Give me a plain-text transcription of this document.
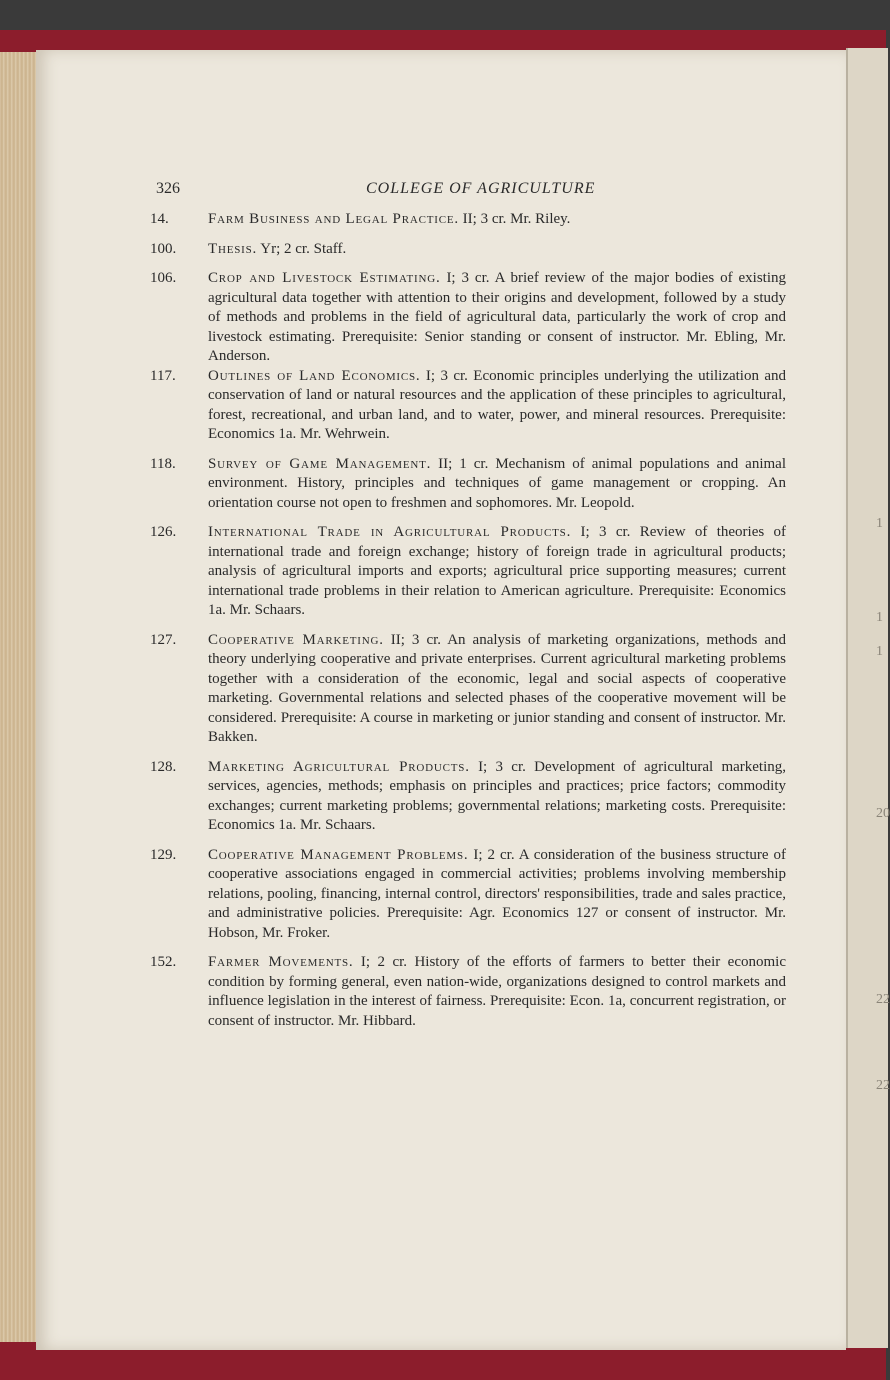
1
1
1
20
22
22
326	COLLEGE OF AGRICULTURE
14.	Farm Business and Legal Practice. II; 3 cr. Mr. Riley.
100. Thesis. Yr; 2 cr. Staff.
106. Crop and Livestock Estimating. I; 3 cr. A brief review of the major bodies of existing agricultural data together with attention to their origins and development, followed by a study of methods and problems in the field of agricultural data, particularly the work of crop and livestock estimating. Prerequisite: Senior standing or consent of instructor. Mr. Ebling, Mr. Anderson.
117. Outlines of Land Economics. I; 3 cr. Economic principles underlying the utilization and conservation of land or natural resources and the application of these principles to agricultural, forest, recreational, and urban land, and to water, power, and mineral resources. Prerequisite: Economics 1a. Mr. Wehrwein.
118. Survey of Game Management. II; 1 cr. Mechanism of animal populations and animal environment. History, principles and techniques of game management or cropping. An orientation course not open to freshmen and sophomores. Mr. Leopold.
126. International Trade in Agricultural Products. I; 3 cr. Review of theories of international trade and foreign exchange; history of foreign trade in agricultural products; analysis of agricultural imports and exports; agricultural price supporting measures; current international trade problems in their relation to American agriculture. Prerequisite: Economics 1a. Mr. Schaars.
127. Cooperative Marketing. II; 3 cr. An analysis of marketing organizations, methods and theory underlying cooperative and private enterprises. Current agricultural marketing problems together with a consideration of the economic, legal and social aspects of cooperative marketing. Governmental relations and selected phases of the cooperative movement will be considered. Prerequisite: A course in marketing or junior standing and consent of instructor. Mr. Bakken.
128. Marketing Agricultural Products. I; 3 cr. Development of agricultural marketing, services, agencies, methods; emphasis on principles and practices; price factors; commodity exchanges; current marketing problems; governmental relations; marketing costs. Prerequisite: Economics 1a. Mr. Schaars.
129. Cooperative Management Problems. I; 2 cr. A consideration of the business structure of cooperative associations engaged in commercial activities; problems involving membership relations, pooling, financing, internal control, directors' responsibilities, trade and sales practice, and administrative policies. Prerequisite: Agr. Economics 127 or consent of instructor. Mr. Hobson, Mr. Froker.
152. Farmer Movements. I; 2 cr. History of the efforts of farmers to better their economic condition by forming general, even nation-wide, organizations designed to control markets and influence legislation in the interest of fairness. Prerequisite: Econ. 1a, concurrent registration, or consent of instructor. Mr. Hibbard.
